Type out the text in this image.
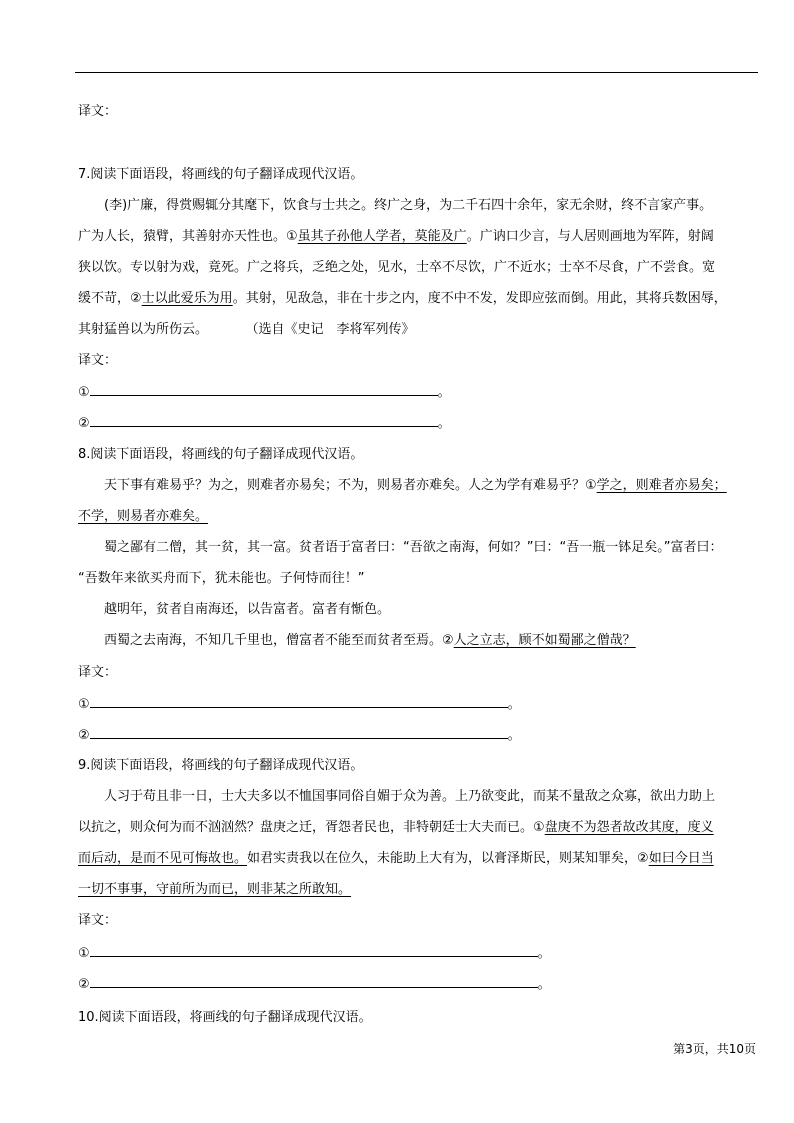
译文：
7.阅读下面语段，将画线的句子翻译成现代汉语。
(李)广廉，得赏赐辄分其麾下，饮食与士共之。终广之身，为二千石四十余年，家无余财，终不言家产事。
广为人长，猿臂，其善射亦天性也。①虽其子孙他人学者，莫能及广。广讷口少言，与人居则画地为军阵，射阔
狭以饮。专以射为戏，竟死。广之将兵，乏绝之处，见水，士卒不尽饮，广不近水；士卒不尽食，广不尝食。宽
缓不苛，②士以此爱乐为用。其射，见敌急，非在十步之内，度不中不发，发即应弦而倒。用此，其将兵数困辱，
其射猛兽以为所伤云。	（选自《史记　李将军列传》
译文：
①	。
②	。
8.阅读下面语段，将画线的句子翻译成现代汉语。
天下事有难易乎？为之，则难者亦易矣；不为，则易者亦难矣。人之为学有难易乎？①学之，则难者亦易矣；
不学，则易者亦难矣。
蜀之鄙有二僧，其一贫，其一富。贫者语于富者曰：“吾欲之南海，何如？”曰：“吾一瓶一钵足矣。”富者曰：
“吾数年来欲买舟而下，犹未能也。子何恃而往！”
越明年，贫者自南海还，以告富者。富者有惭色。
西蜀之去南海，不知几千里也，僧富者不能至而贫者至焉。②人之立志，顾不如蜀鄙之僧哉？
译文：
①	。
②	。
9.阅读下面语段，将画线的句子翻译成现代汉语。
人习于苟且非一日，士大夫多以不恤国事同俗自媚于众为善。上乃欲变此，而某不量敌之众寡，欲出力助上
以抗之，则众何为而不汹汹然？盘庚之迁，胥怨者民也，非特朝廷士大夫而已。①盘庚不为怨者故改其度，度义
而后动，是而不见可悔故也。如君实责我以在位久，未能助上大有为，以膏泽斯民，则某知罪矣，②如曰今日当
一切不事事，守前所为而已，则非某之所敢知。
译文：
①	。
②	。
10.阅读下面语段，将画线的句子翻译成现代汉语。
第3页，共10页
